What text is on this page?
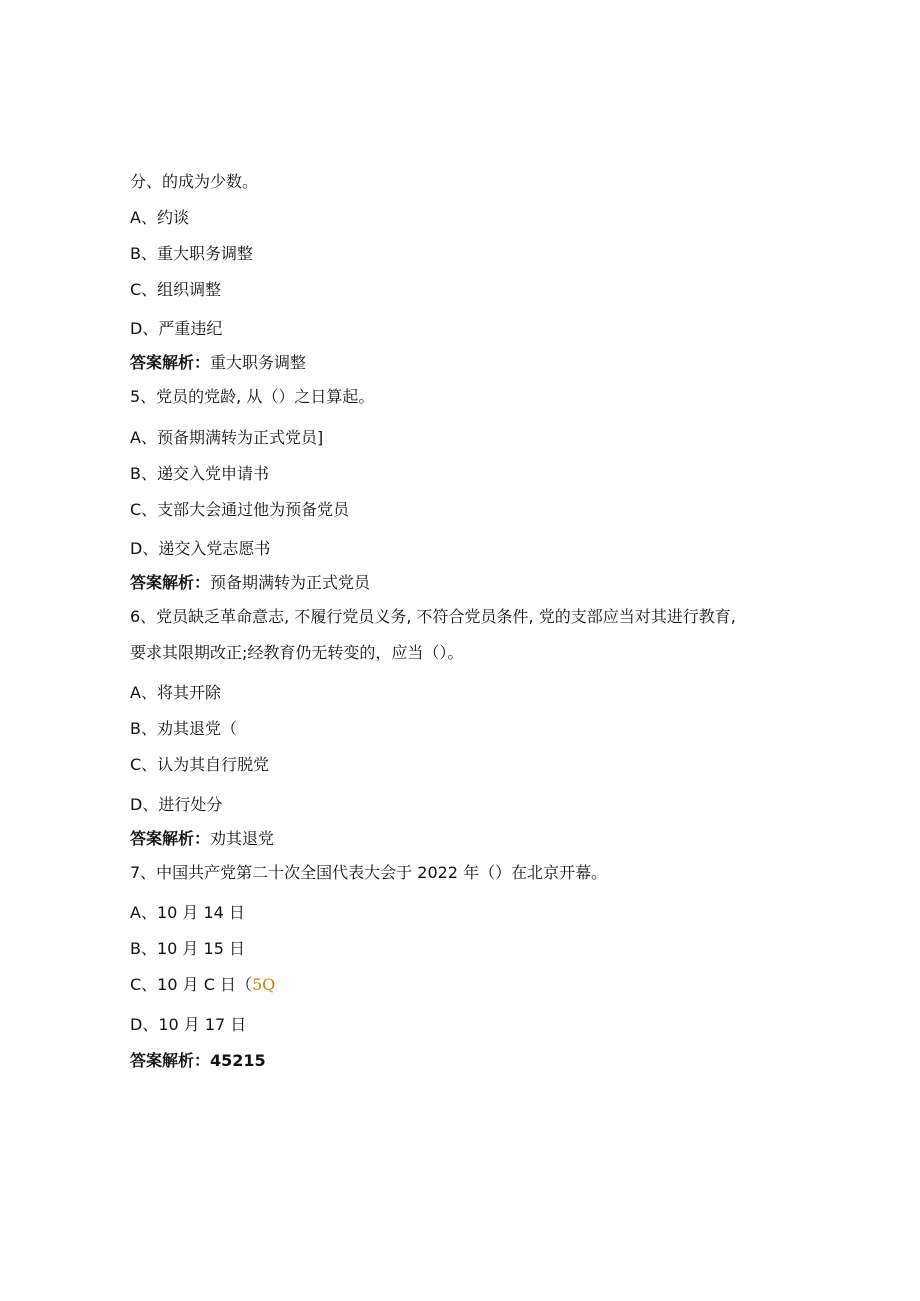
分、的成为少数。
A、约谈
B、重大职务调整
C、组织调整
D、严重违纪
答案解析：重大职务调整
5、党员的党龄, 从（）之日算起。
A、预备期满转为正式党员]
B、递交入党申请书
C、支部大会通过他为预备党员
D、递交入党志愿书
答案解析：预备期满转为正式党员
6、党员缺乏革命意志, 不履行党员义务, 不符合党员条件, 党的支部应当对其进行教育,
要求其限期改正;经教育仍无转变的，应当（）。
A、将其开除
B、劝其退党（
C、认为其自行脱党
D、进行处分
答案解析：劝其退党
7、中国共产党第二十次全国代表大会于 2022 年（）在北京开幕。
A、10 月 14 日
B、10 月 15 日
C、10 月 C 日（5Q
D、10 月 17 日
答案解析：45215
